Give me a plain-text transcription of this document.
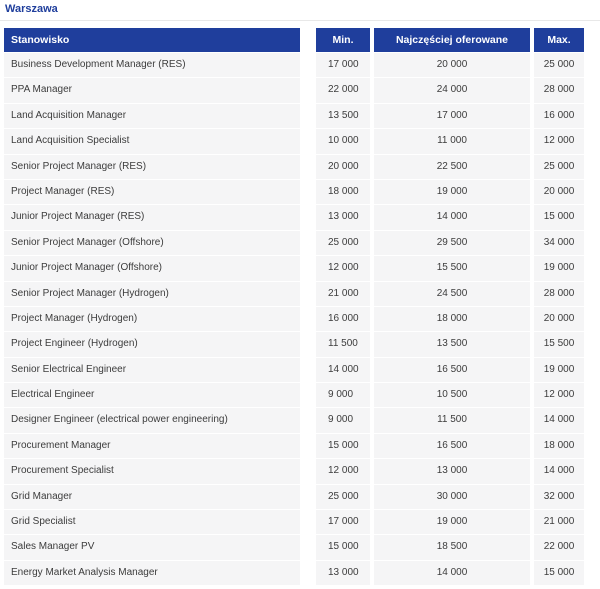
Warszawa
Stanowisko	Min.	Najczęściej oferowane	Max.
Business Development Manager (RES)	17 000	20 000	25 000
PPA Manager	22 000	24 000	28 000
Land Acquisition Manager	13 500	17 000	16 000
Land Acquisition Specialist	10 000	11 000	12 000
Senior Project Manager (RES)	20 000	22 500	25 000
Project Manager (RES)	18 000	19 000	20 000
Junior Project Manager (RES)	13 000	14 000	15 000
Senior Project Manager (Offshore)	25 000	29 500	34 000
Junior Project Manager (Offshore)	12 000	15 500	19 000
Senior Project Manager (Hydrogen)	21 000	24 500	28 000
Project Manager (Hydrogen)	16 000	18 000	20 000
Project Engineer (Hydrogen)	11 500	13 500	15 500
Senior Electrical Engineer	14 000	16 500	19 000
Electrical Engineer	9 000	10 500	12 000
Designer Engineer (electrical power engineering)	9 000	11 500	14 000
Procurement Manager	15 000	16 500	18 000
Procurement Specialist	12 000	13 000	14 000
Grid Manager	25 000	30 000	32 000
Grid Specialist	17 000	19 000	21 000
Sales Manager PV	15 000	18 500	22 000
Energy Market Analysis Manager	13 000	14 000	15 000
